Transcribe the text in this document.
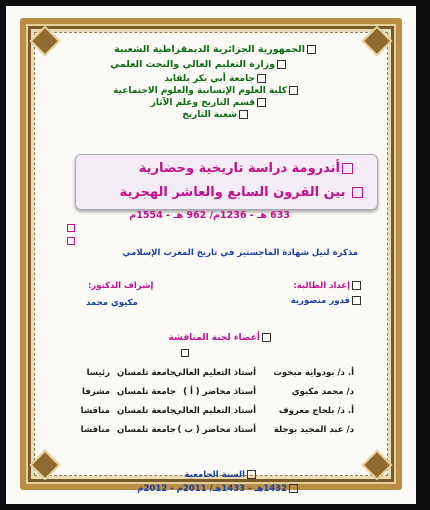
الجمهورية الجزائرية الديمقراطية الشعبية
وزارة التعليم العالي والبحث العلمي
جامعة أبي بكر بلقايد
كلية العلوم الإنسانية والعلوم الاجتماعية
قسم التاريخ وعلم الآثار
شعبة التاريخ
أندرومة دراسة تاريخية وحضارية
بين القرون السابع والعاشر الهجرية
633 هـ - 1236م/ 962 هـ - 1554م
مذكرة لنيل شهادة الماجستير في تاريخ المغرب الإسلامي
إعداد الطالبة:
قدور منصورية
إشراف الدكتور:
مكيوي محمد
أعضاء لجنة المناقشة
أ. د/ بودواية مبخوت
أستاذ التعليم العالي
جامعة تلمسان
رئيسا
د/ محمد مكيوي
أستاذ محاضر ( أ )
جامعة تلمسان
مشرفا
أ. د/ بلحاج معروف
أستاذ التعليم العالي
جامعة تلمسان
مناقشا
د/ عبد المجيد بوجلة
أستاذ محاضر ( ب )
جامعة تلمسان
مناقشا
السنة الجامعية
1432هـ - 1433هـ/ 2011م - 2012م
